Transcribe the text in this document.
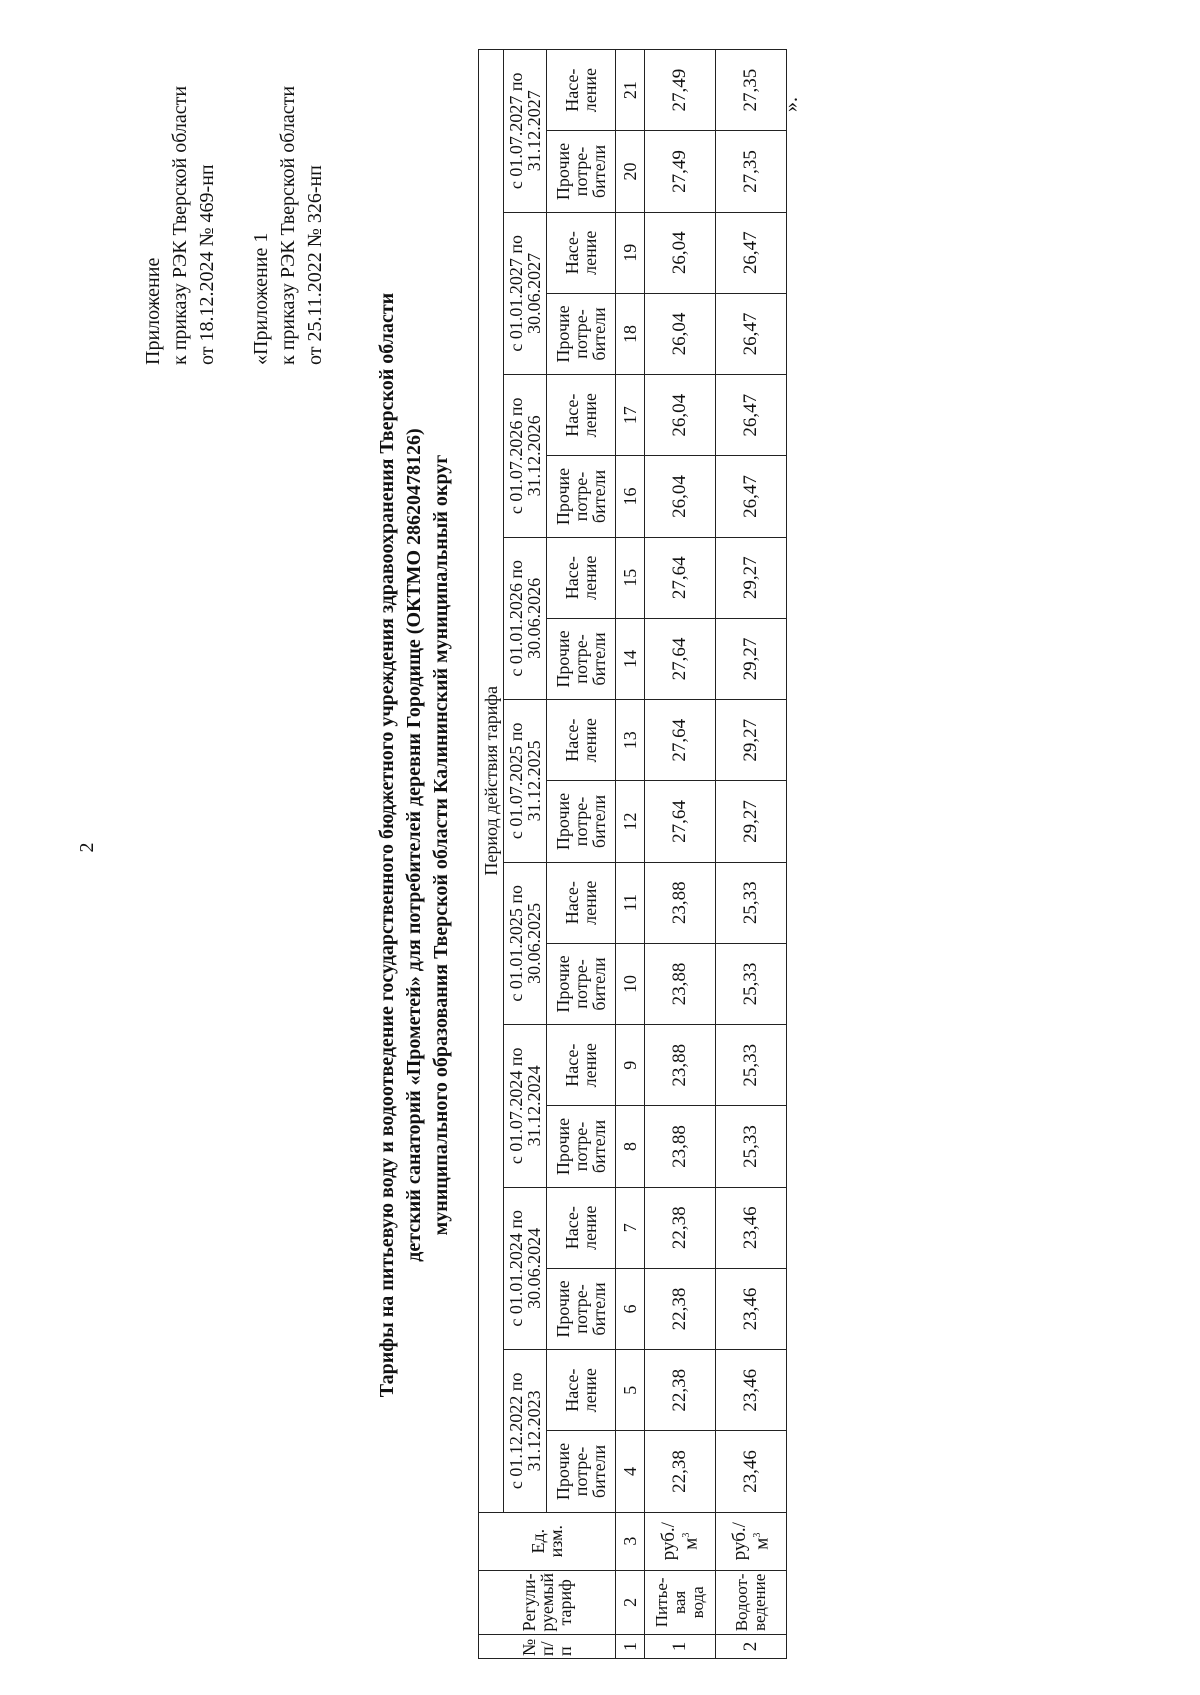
2
Приложение к приказу РЭК Тверской области от 18.12.2024 № 469-нп «Приложение 1 к приказу РЭК Тверской области от 25.11.2022 № 326-нп
Тарифы на питьевую воду и водоотведение государственного бюджетного учреждения здравоохранения Тверской области детский санаторий «Прометей» для потребителей деревни Городище (ОКТМО 28620478126) муниципального образования Тверской области Калининский муниципальный округ
№ п/п	Регули-руемый тариф	Ед. изм.	Период действия тарифа																	
			с 01.12.2022 по 31.12.2023		с 01.01.2024 по 30.06.2024		с 01.07.2024 по 31.12.2024		с 01.01.2025 по 30.06.2025		с 01.07.2025 по 31.12.2025		с 01.01.2026 по 30.06.2026		с 01.07.2026 по 31.12.2026		с 01.01.2027 по 30.06.2027		с 01.07.2027 по 31.12.2027	
			Прочие потре-бители	Насе-ление	Прочие потре-бители	Насе-ление	Прочие потре-бители	Насе-ление	Прочие потре-бители	Насе-ление	Прочие потре-бители	Насе-ление	Прочие потре-бители	Насе-ление	Прочие потре-бители	Насе-ление	Прочие потре-бители	Насе-ление	Прочие потре-бители	Насе-ление
1	2	3	4	5	6	7	8	9	10	11	12	13	14	15	16	17	18	19	20	21
1	Питье-вая вода	$руб./м^3$	22,38	22,38	22,38	22,38	23,88	23,88	23,88	23,88	27,64	27,64	27,64	27,64	26,04	26,04	26,04	26,04	27,49	27,49
2	Водоот-ведение	$руб./м^3$	23,46	23,46	23,46	23,46	25,33	25,33	25,33	25,33	29,27	29,27	29,27	29,27	26,47	26,47	26,47	26,47	27,35	27,35 ».
